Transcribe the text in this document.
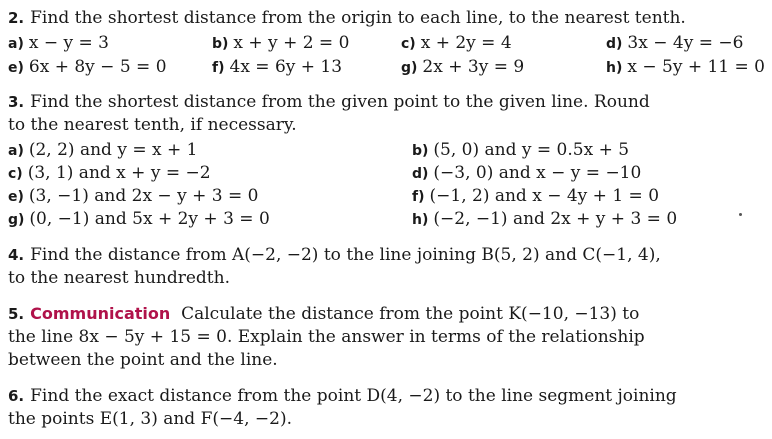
2. Find the shortest distance from the origin to each line, to the nearest tenth.
a) x − y = 3	b) x + y + 2 = 0	c) x + 2y = 4	d) 3x − 4y = −6
e) 6x + 8y − 5 = 0	f) 4x = 6y + 13	g) 2x + 3y = 9	h) x − 5y + 11 = 0
3. Find the shortest distance from the given point to the given line. Round
to the nearest tenth, if necessary.
a) (2, 2) and y = x + 1	b) (5, 0) and y = 0.5x + 5
c) (3, 1) and x + y = −2	d) (−3, 0) and x − y = −10
e) (3, −1) and 2x − y + 3 = 0	f) (−1, 2) and x − 4y + 1 = 0
g) (0, −1) and 5x + 2y + 3 = 0	h) (−2, −1) and 2x + y + 3 = 0
4. Find the distance from A(−2, −2) to the line joining B(5, 2) and C(−1, 4),
to the nearest hundredth.
5. Communication Calculate the distance from the point K(−10, −13) to
the line 8x − 5y + 15 = 0. Explain the answer in terms of the relationship
between the point and the line.
6. Find the exact distance from the point D(4, −2) to the line segment joining
the points E(1, 3) and F(−4, −2).
